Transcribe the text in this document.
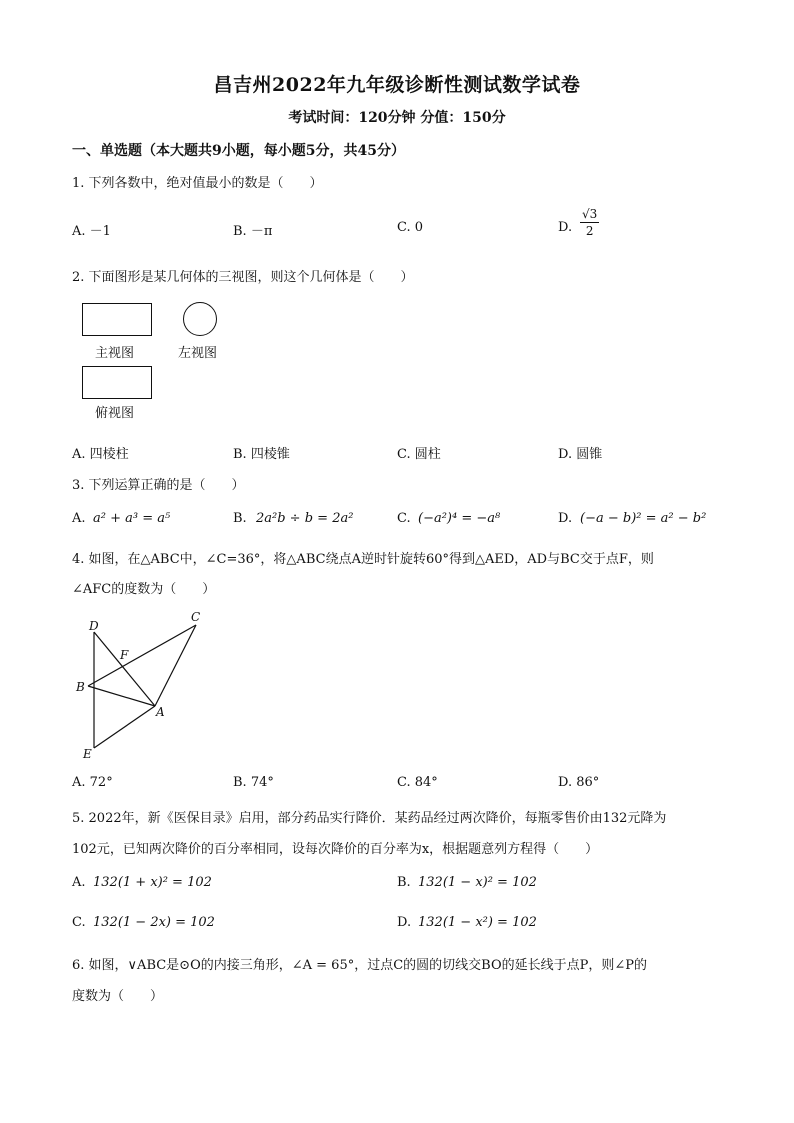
昌吉州2022年九年级诊断性测试数学试卷
考试时间：120分钟 分值：150分
一、单选题（本大题共9小题，每小题5分，共45分）
1. 下列各数中，绝对值最小的数是（　　）
A. －1	B. －π	C. 0	D. $\frac{√3}{2}$
2. 下面图形是某几何体的三视图，则这个几何体是（　　）
主视图	左视图
俯视图
A. 四棱柱	B. 四棱锥	C. 圆柱	D. 圆锥
3. 下列运算正确的是（　　）
A. a² + a³ = a⁵	B. 2a²b ÷ b = 2a²	C. (−a²)⁴ = −a⁸	D. (−a − b)² = a² − b²
4. 如图，在△ABC中，∠C=36°，将△ABC绕点A逆时针旋转60°得到△AED，AD与BC交于点F，则
∠AFC的度数为（　　）
C
D
F
B
A
E
A. 72°	B. 74°	C. 84°	D. 86°
5. 2022年，新《医保目录》启用，部分药品实行降价．某药品经过两次降价，每瓶零售价由132元降为
102元，已知两次降价的百分率相同，设每次降价的百分率为x，根据题意列方程得（　　）
A. 132(1 + x)² = 102	B. 132(1 − x)² = 102
C. 132(1 − 2x) = 102	D. 132(1 − x²) = 102
6. 如图，∨ABC是⊙O的内接三角形，∠A = 65°，过点C的圆的切线交BO的延长线于点P，则∠P的
度数为（　　）
